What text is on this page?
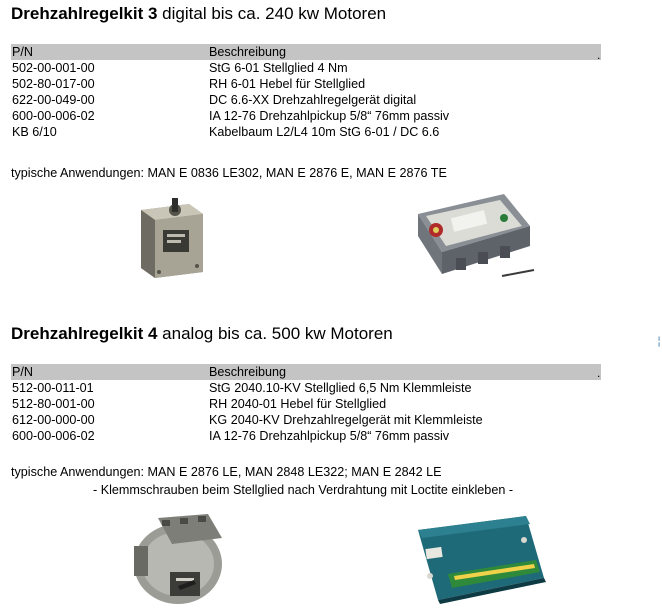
Drehzahlregelkit 3 digital bis ca. 240 kw Motoren
P/N	Beschreibung
502-00-001-00	StG 6-01 Stellglied 4 Nm
502-80-017-00	RH 6-01 Hebel für Stellglied
622-00-049-00	DC 6.6-XX Drehzahlregelgerät digital
600-00-006-02	IA 12-76 Drehzahlpickup 5/8“ 76mm passiv
KB 6/10	Kabelbaum L2/L4 10m StG 6-01 / DC 6.6
.
typische Anwendungen: MAN E 0836 LE302, MAN E 2876 E, MAN E 2876 TE
Drehzahlregelkit 4 analog bis ca. 500 kw Motoren
P/N	Beschreibung
512-00-011-01	StG 2040.10-KV Stellglied 6,5 Nm Klemmleiste
512-80-001-00	RH 2040-01 Hebel für Stellglied
612-00-000-00	KG 2040-KV Drehzahlregelgerät mit Klemmleiste
600-00-006-02	IA 12-76 Drehzahlpickup 5/8“ 76mm passiv
.
typische Anwendungen: MAN E 2876 LE, MAN 2848 LE322; MAN E 2842 LE
- Klemmschrauben beim Stellglied nach Verdrahtung mit Loctite einkleben -
╎
